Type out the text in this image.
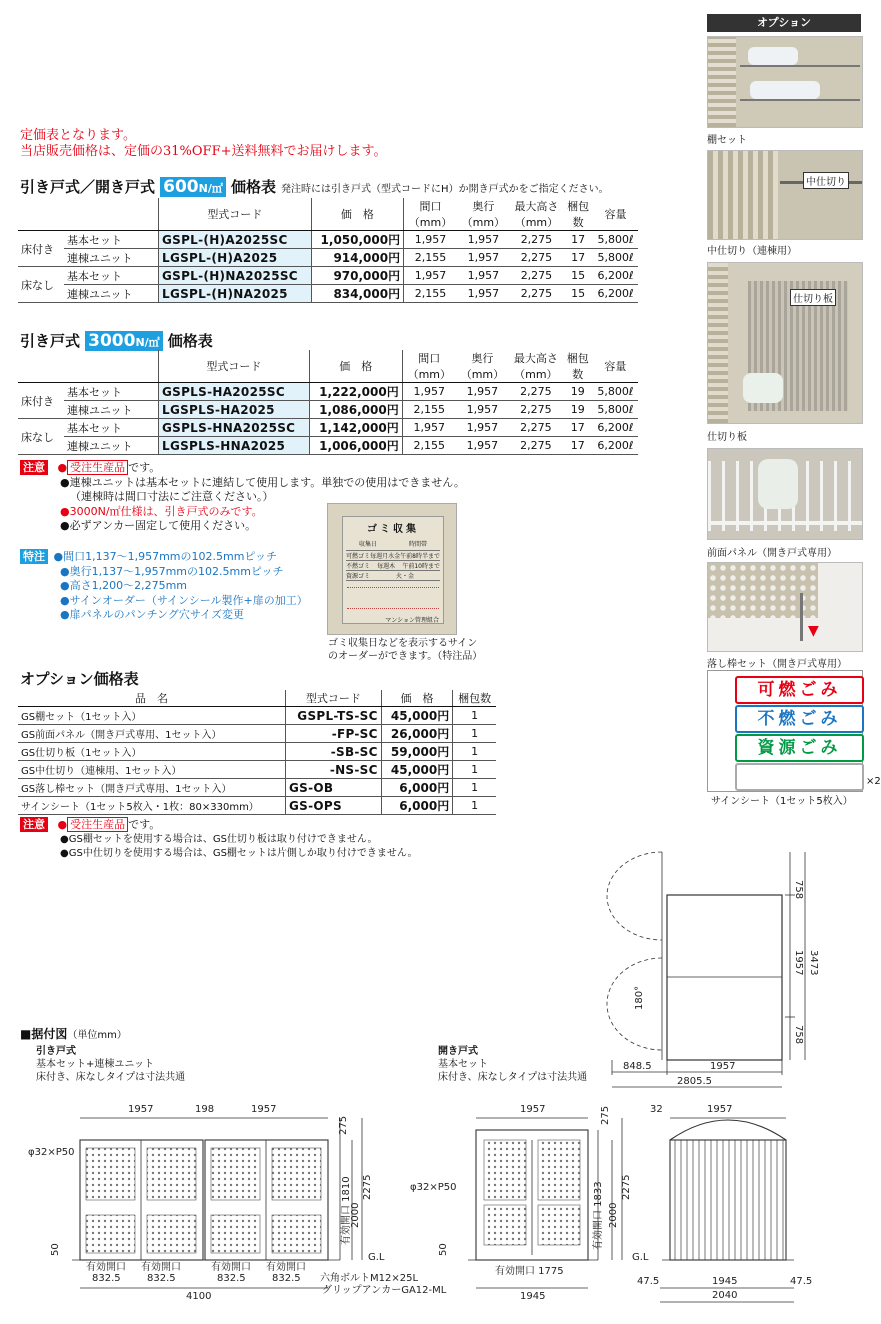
定価表となります。
当店販売価格は、定価の31%OFF+送料無料でお届けします。
引き戸式／開き戸式 600N/㎡ 価格表 発注時には引き戸式（型式コードにH）か開き戸式かをご指定ください。
		型式コード	価　格	間口
（mm）	奥行
（mm）	最大高さ
（mm）	梱包
数	容量
床付き	基本セット	GSPL-(H)A2025SC	1,050,000円	1,957	1,957	2,275	17	5,800ℓ
	連棟ユニット	LGSPL-(H)A2025	914,000円	2,155	1,957	2,275	17	5,800ℓ
床なし	基本セット	GSPL-(H)NA2025SC	970,000円	1,957	1,957	2,275	15	6,200ℓ
	連棟ユニット	LGSPL-(H)NA2025	834,000円	2,155	1,957	2,275	15	6,200ℓ
引き戸式 3000N/㎡ 価格表
		型式コード	価　格	間口
（mm）	奥行
（mm）	最大高さ
（mm）	梱包
数	容量
床付き	基本セット	GSPLS-HA2025SC	1,222,000円	1,957	1,957	2,275	19	5,800ℓ
	連棟ユニット	LGSPLS-HA2025	1,086,000円	2,155	1,957	2,275	19	5,800ℓ
床なし	基本セット	GSPLS-HNA2025SC	1,142,000円	1,957	1,957	2,275	17	6,200ℓ
	連棟ユニット	LGSPLS-HNA2025	1,006,000円	2,155	1,957	2,275	17	6,200ℓ
注意 ● 受注生産品 です。
●連棟ユニットは基本セットに連結して使用します。単独での使用はできません。
（連棟時は間口寸法にご注意ください。）
●3000N/㎡仕様は、引き戸式のみです。
●必ずアンカー固定して使用ください。
特注 ●間口1,137～1,957mmの102.5mmピッチ
●奥行1,137～1,957mmの102.5mmピッチ
●高さ1,200～2,275mm
●サインオーダー（サインシール製作+扉の加工）
●扉パネルのパンチング穴サイズ変更
ゴミ収集
収集日	時間帯
可燃ゴミ 毎週月水金 午前8時半まで
不燃ゴミ 毎週木 午前10時まで
資源ゴミ	火・金
マンション管理組合
ゴミ収集日などを表示するサイン
のオーダーができます。（特注品）
オプション価格表
品　名	型式コード	価　格	梱包数
GS棚セット（1セット入）	GSPL-TS-SC	45,000円	1
GS前面パネル（開き戸式専用、1セット入）	-FP-SC	26,000円	1
GS仕切り板（1セット入）	-SB-SC	59,000円	1
GS中仕切り（連棟用、1セット入）	-NS-SC	45,000円	1
GS落し棒セット（開き戸式専用、1セット入）	GS-OB	6,000円	1
サインシート（1セット5枚入・1枚：80×330mm）	GS-OPS	6,000円	1
注意 ● 受注生産品 です。
●GS棚セットを使用する場合は、GS仕切り板は取り付けできません。
●GS中仕切りを使用する場合は、GS棚セットは片側しか取り付けできません。
オプション
棚セット
中仕切り
中仕切り（連棟用）
仕切り板
仕切り板
前面パネル（開き戸式専用）
▼
落し棒セット（開き戸式専用）
可燃ごみ
不燃ごみ
資源ごみ
×2
サインシート（1セット5枚入）
■据付図（単位mm）
引き戸式
基本セット+連棟ユニット
床付き、床なしタイプは寸法共通
開き戸式
基本セット
床付き、床なしタイプは寸法共通
1957	198	1957
275
有効開口 1810
2000
2275
50
G.L
φ32×P50
有効開口
832.5
有効開口
832.5
有効開口
832.5
有効開口
832.5
4100
六角ボルトM12×25L
グリップアンカーGA12-ML
1957	275
有効開口 1833 2000
2275
50
G.L
φ32×P50
有効開口 1775
1945
32	1957
1945
47.5	47.5
2040
758
1957 3473
758
180°
848.5	1957
2805.5
